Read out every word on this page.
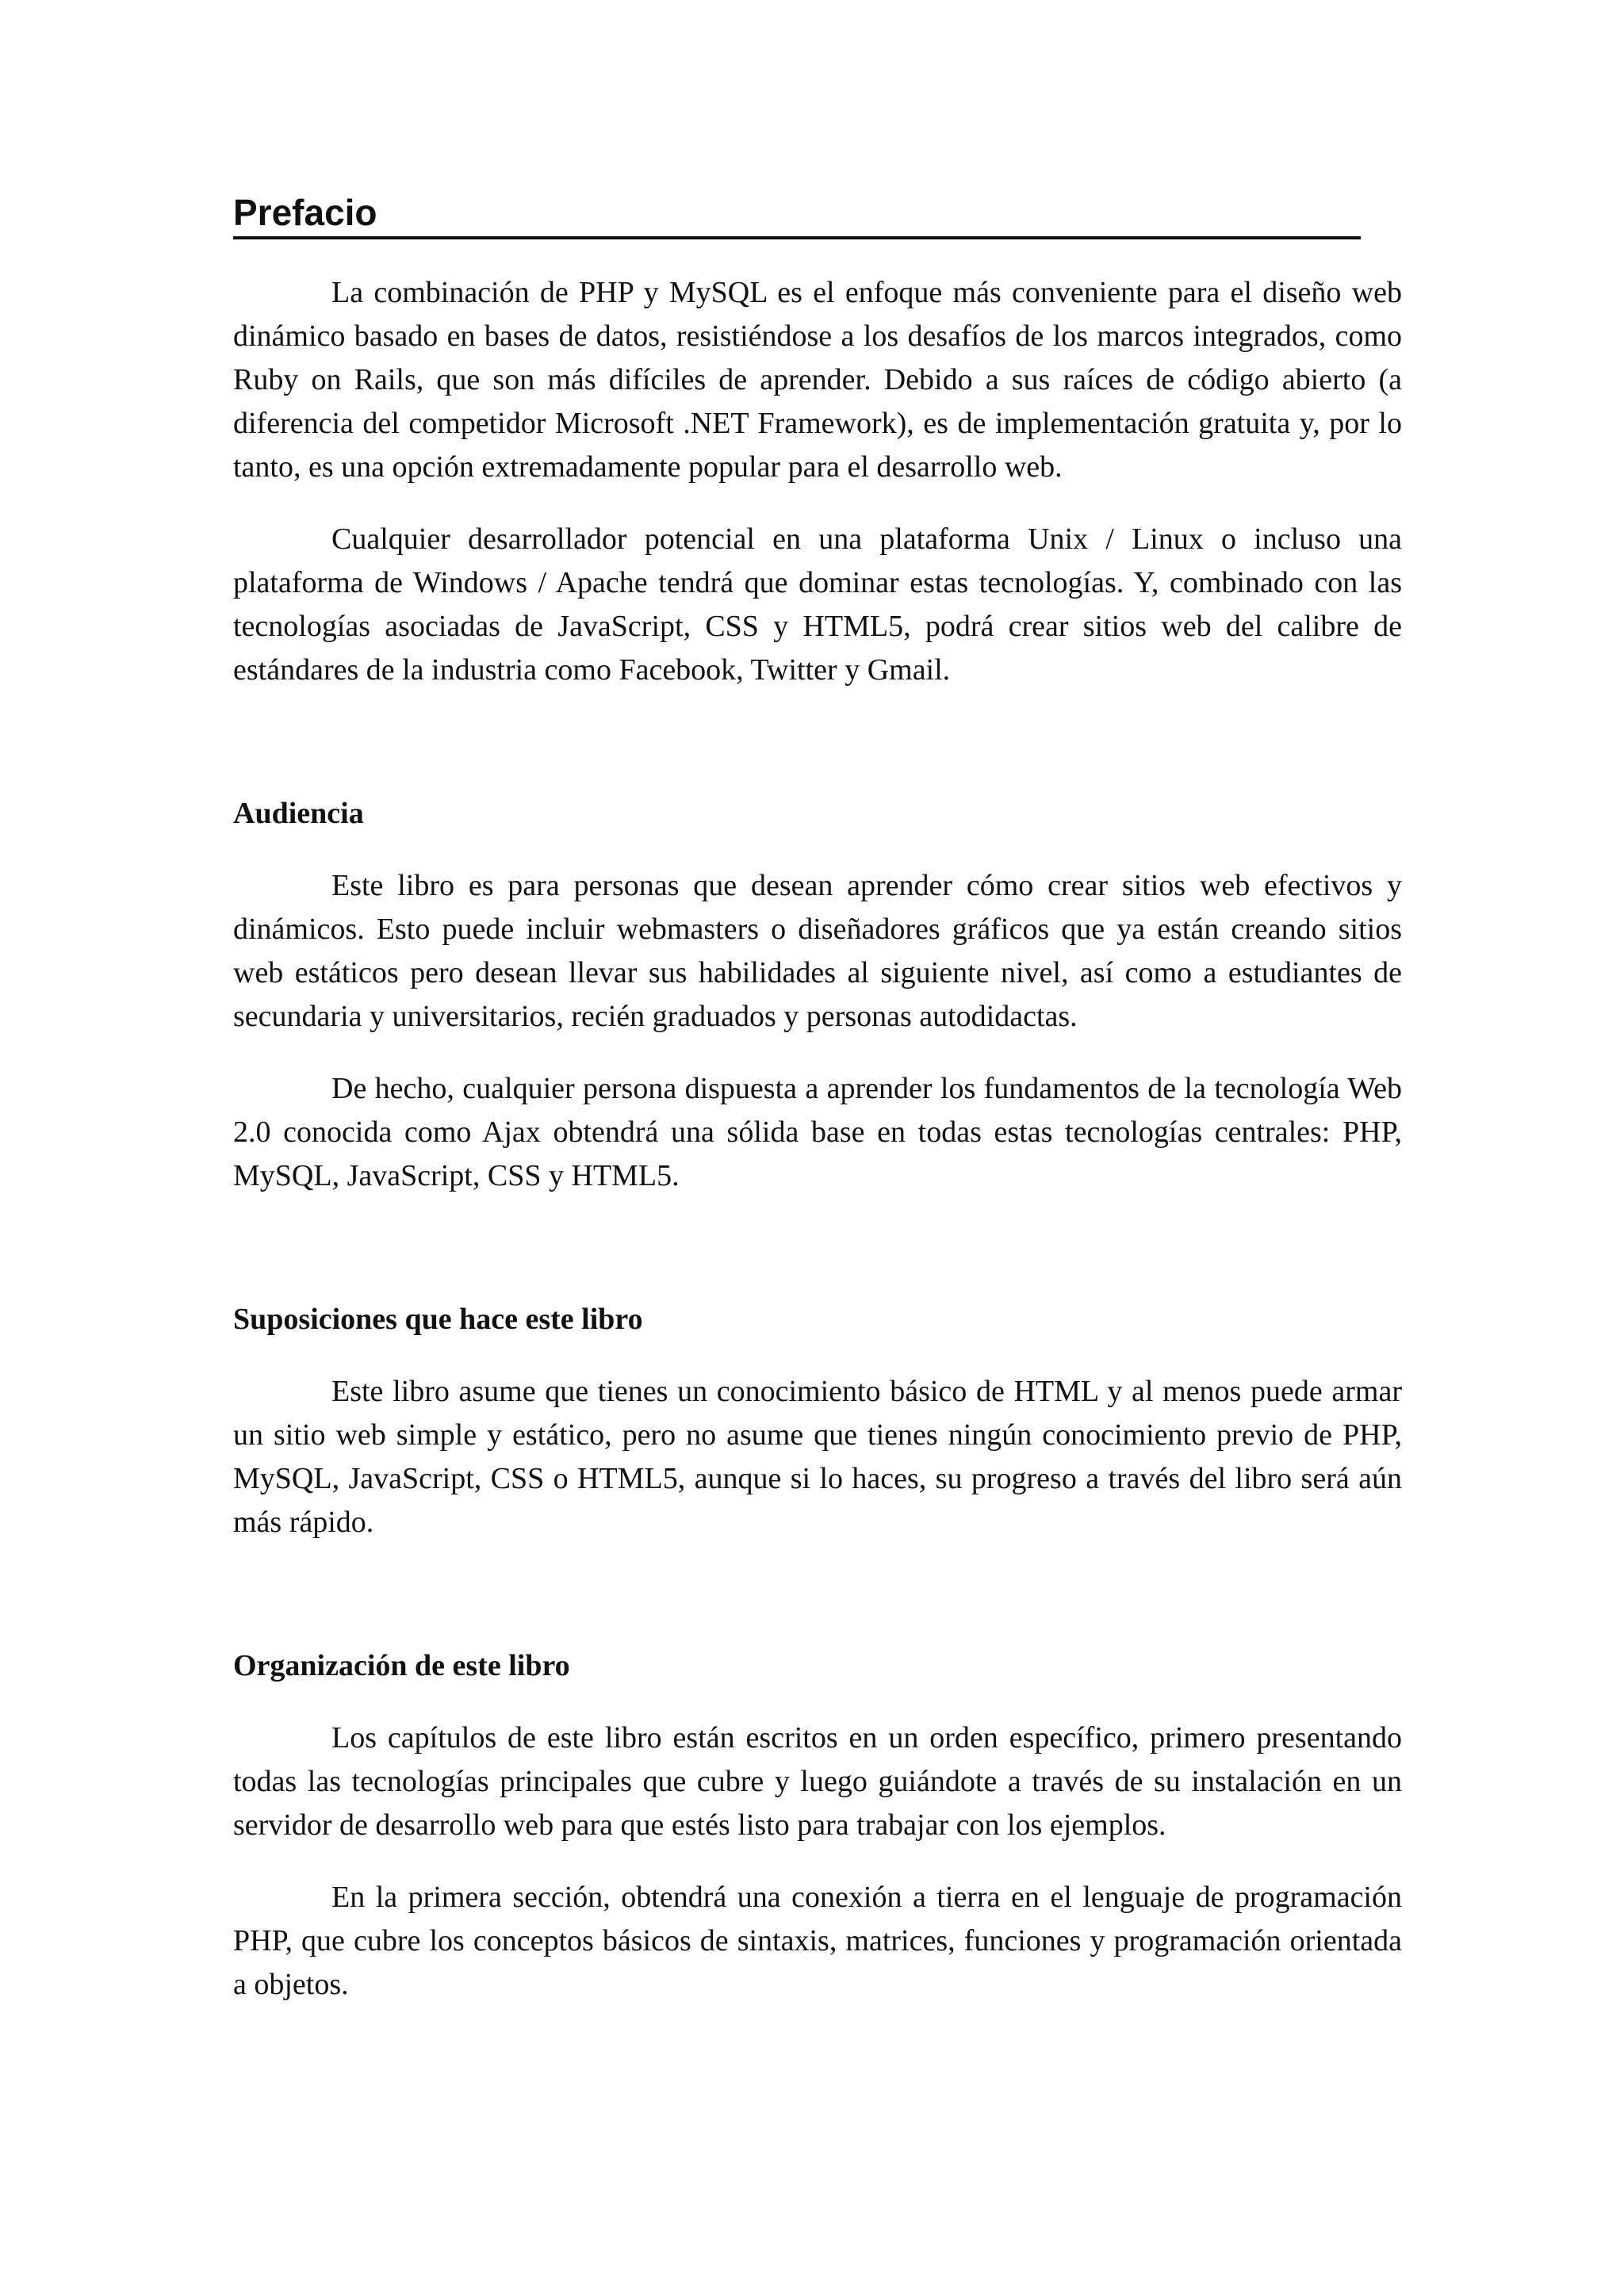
Prefacio

La combinación de PHP y MySQL es el enfoque más conveniente para el diseño web dinámico basado en bases de datos, resistiéndose a los desafíos de los marcos integrados, como Ruby on Rails, que son más difíciles de aprender. Debido a sus raíces de código abierto (a diferencia del competidor Microsoft .NET Framework), es de implementación gratuita y, por lo tanto, es una opción extremadamente popular para el desarrollo web.

Cualquier desarrollador potencial en una plataforma Unix / Linux o incluso una plataforma de Windows / Apache tendrá que dominar estas tecnologías. Y, combinado con las tecnologías asociadas de JavaScript, CSS y HTML5, podrá crear sitios web del calibre de estándares de la industria como Facebook, Twitter y Gmail.

Audiencia

Este libro es para personas que desean aprender cómo crear sitios web efectivos y dinámicos. Esto puede incluir webmasters o diseñadores gráficos que ya están creando sitios web estáticos pero desean llevar sus habilidades al siguiente nivel, así como a estudiantes de secundaria y universitarios, recién graduados y personas autodidactas.

De hecho, cualquier persona dispuesta a aprender los fundamentos de la tecnología Web 2.0 conocida como Ajax obtendrá una sólida base en todas estas tecnologías centrales: PHP, MySQL, JavaScript, CSS y HTML5.

Suposiciones que hace este libro

Este libro asume que tienes un conocimiento básico de HTML y al menos puede armar un sitio web simple y estático, pero no asume que tienes ningún conocimiento previo de PHP, MySQL, JavaScript, CSS o HTML5, aunque si lo haces, su progreso a través del libro será aún más rápido.

Organización de este libro

Los capítulos de este libro están escritos en un orden específico, primero presentando todas las tecnologías principales que cubre y luego guiándote a través de su instalación en un servidor de desarrollo web para que estés listo para trabajar con los ejemplos.

En la primera sección, obtendrá una conexión a tierra en el lenguaje de programación PHP, que cubre los conceptos básicos de sintaxis, matrices, funciones y programación orientada a objetos.
